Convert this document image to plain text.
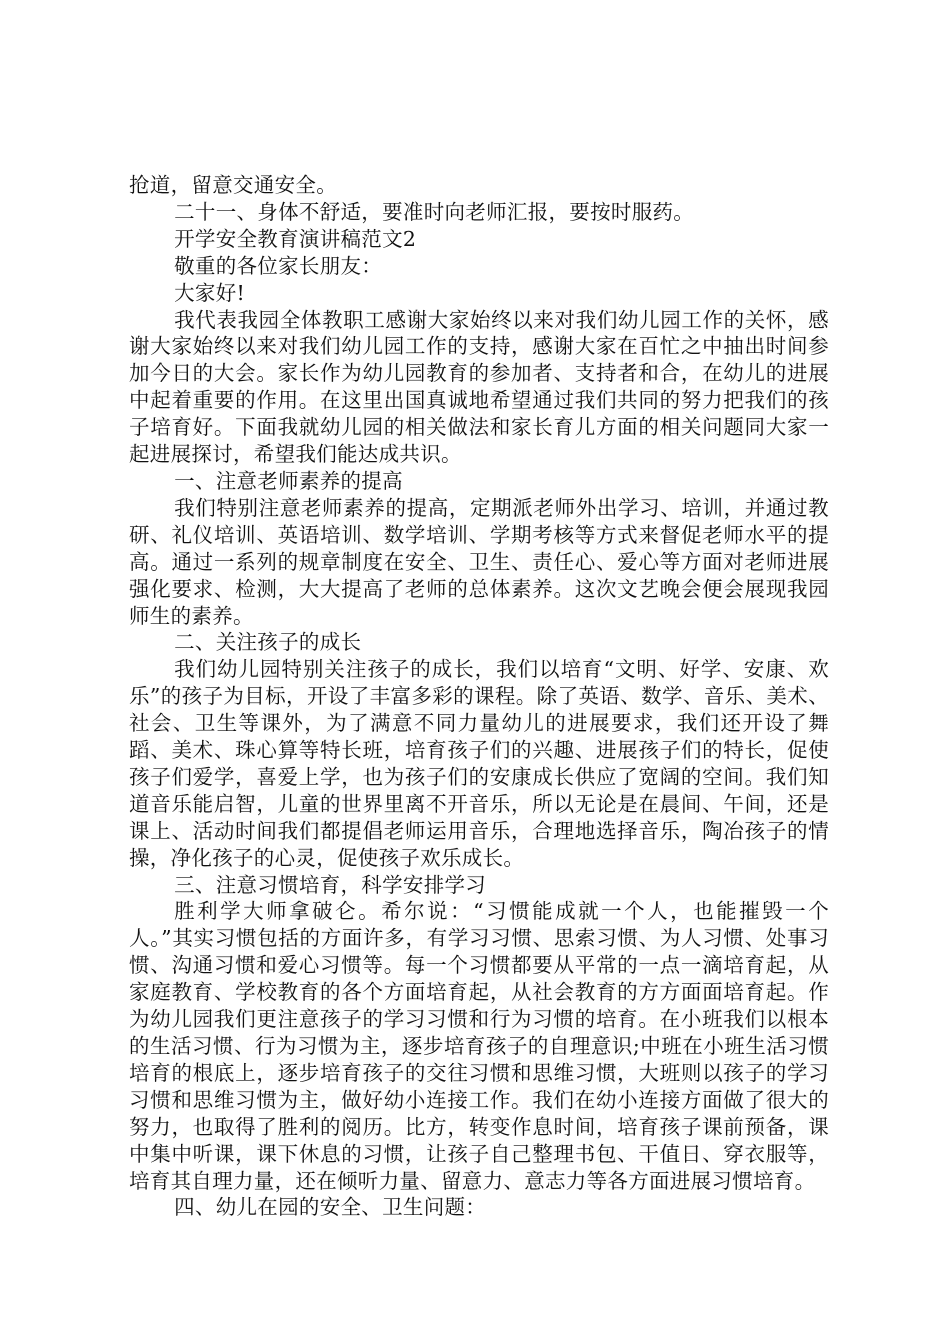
抢道，留意交通安全。

二十一、身体不舒适，要准时向老师汇报，要按时服药。

开学安全教育演讲稿范文2

敬重的各位家长朋友：

大家好!

我代表我园全体教职工感谢大家始终以来对我们幼儿园工作的关怀，感谢大家始终以来对我们幼儿园工作的支持，感谢大家在百忙之中抽出时间参加今日的大会。家长作为幼儿园教育的参加者、支持者和合，在幼儿的进展中起着重要的作用。在这里出国真诚地希望通过我们共同的努力把我们的孩子培育好。下面我就幼儿园的相关做法和家长育儿方面的相关问题同大家一起进展探讨，希望我们能达成共识。

一、注意老师素养的提高

我们特别注意老师素养的提高，定期派老师外出学习、培训，并通过教研、礼仪培训、英语培训、数学培训、学期考核等方式来督促老师水平的提高。通过一系列的规章制度在安全、卫生、责任心、爱心等方面对老师进展强化要求、检测，大大提高了老师的总体素养。这次文艺晚会便会展现我园师生的素养。

二、关注孩子的成长

我们幼儿园特别关注孩子的成长，我们以培育“文明、好学、安康、欢乐”的孩子为目标，开设了丰富多彩的课程。除了英语、数学、音乐、美术、社会、卫生等课外，为了满意不同力量幼儿的进展要求，我们还开设了舞蹈、美术、珠心算等特长班，培育孩子们的兴趣、进展孩子们的特长，促使孩子们爱学，喜爱上学，也为孩子们的安康成长供应了宽阔的空间。我们知道音乐能启智，儿童的世界里离不开音乐，所以无论是在晨间、午间，还是课上、活动时间我们都提倡老师运用音乐，合理地选择音乐，陶冶孩子的情操，净化孩子的心灵，促使孩子欢乐成长。

三、注意习惯培育，科学安排学习

胜利学大师拿破仑。希尔说：“习惯能成就一个人，也能摧毁一个人。”其实习惯包括的方面许多，有学习习惯、思索习惯、为人习惯、处事习惯、沟通习惯和爱心习惯等。每一个习惯都要从平常的一点一滴培育起，从家庭教育、学校教育的各个方面培育起，从社会教育的方方面面培育起。作为幼儿园我们更注意孩子的学习习惯和行为习惯的培育。在小班我们以根本的生活习惯、行为习惯为主，逐步培育孩子的自理意识;中班在小班生活习惯培育的根底上，逐步培育孩子的交往习惯和思维习惯，大班则以孩子的学习习惯和思维习惯为主，做好幼小连接工作。我们在幼小连接方面做了很大的努力，也取得了胜利的阅历。比方，转变作息时间，培育孩子课前预备，课中集中听课，课下休息的习惯，让孩子自己整理书包、干值日、穿衣服等，培育其自理力量，还在倾听力量、留意力、意志力等各方面进展习惯培育。

四、幼儿在园的安全、卫生问题：
